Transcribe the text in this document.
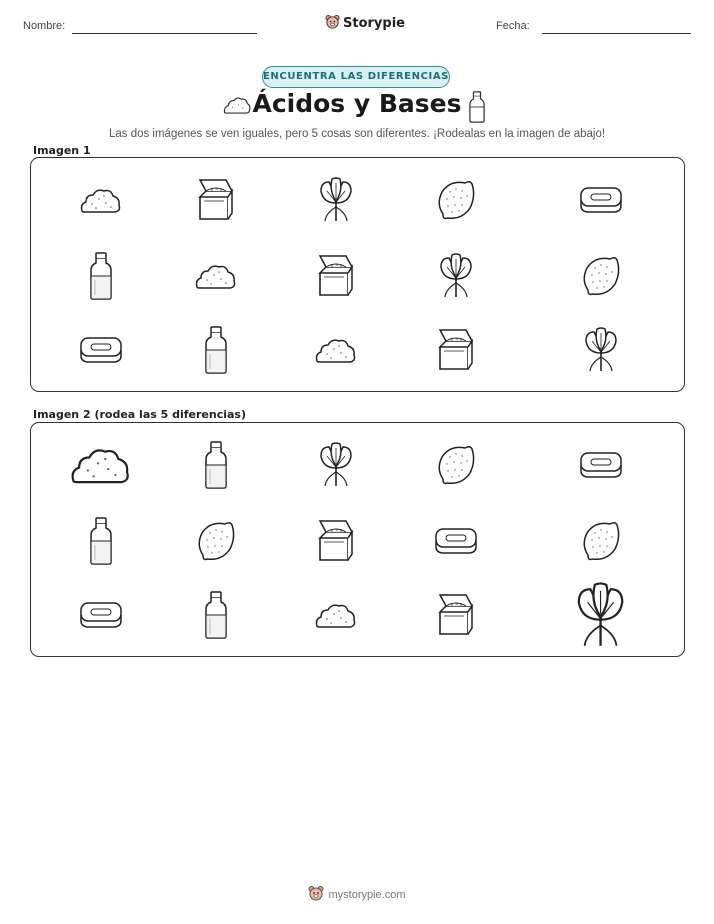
Nombre:	Storypie	Fecha:
ENCUENTRA LAS DIFERENCIAS
Ácidos y Bases
Las dos imágenes se ven iguales, pero 5 cosas son diferentes. ¡Rodealas en la imagen de abajo!
Imagen 1
Imagen 2 (rodea las 5 diferencias)
mystorypie.com
